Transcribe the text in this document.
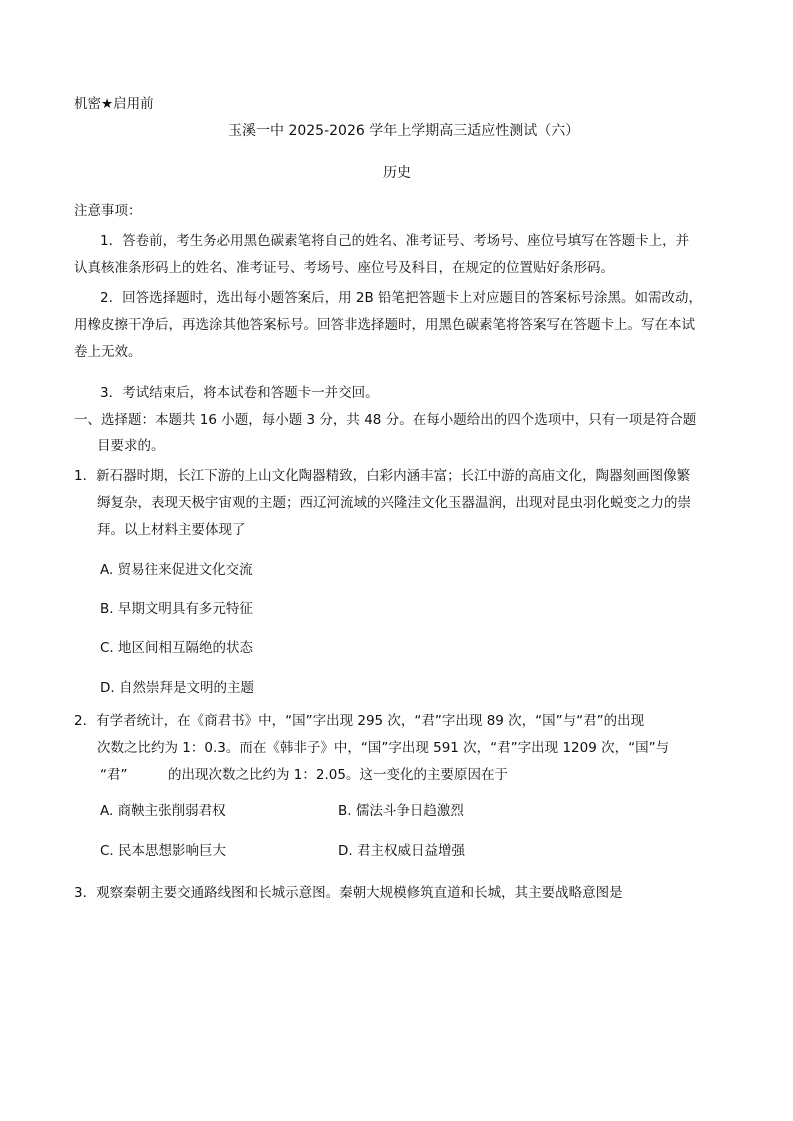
机密★启用前
玉溪一中 2025-2026 学年上学期高三适应性测试（六）
历史
注意事项：
1．答卷前，考生务必用黑色碳素笔将自己的姓名、准考证号、考场号、座位号填写在答题卡上，并
认真核准条形码上的姓名、准考证号、考场号、座位号及科目，在规定的位置贴好条形码。
2．回答选择题时，选出每小题答案后，用 2B 铅笔把答题卡上对应题目的答案标号涂黑。如需改动，
用橡皮擦干净后，再选涂其他答案标号。回答非选择题时，用黑色碳素笔将答案写在答题卡上。写在本试
卷上无效。
3．考试结束后，将本试卷和答题卡一并交回。
一、选择题：本题共 16 小题，每小题 3 分，共 48 分。在每小题给出的四个选项中，只有一项是符合题
目要求的。
1．新石器时期，长江下游的上山文化陶器精致，白彩内涵丰富；长江中游的高庙文化，陶器刻画图像繁
缛复杂，表现天极宇宙观的主题；西辽河流域的兴隆洼文化玉器温润，出现对昆虫羽化蜕变之力的崇
拜。以上材料主要体现了
A. 贸易往来促进文化交流
B. 早期文明具有多元特征
C. 地区间相互隔绝的状态
D. 自然崇拜是文明的主题
2．有学者统计，在《商君书》中，“国”字出现 295 次，“君”字出现 89 次，“国”与“君”的出现
次数之比约为 1：0.3。而在《韩非子》中，“国”字出现 591 次，“君”字出现 1209 次，“国”与
“君”	的出现次数之比约为 1：2.05。这一变化的主要原因在于
A. 商鞅主张削弱君权	B. 儒法斗争日趋激烈
C. 民本思想影响巨大	D. 君主权威日益增强
3．观察秦朝主要交通路线图和长城示意图。秦朝大规模修筑直道和长城，其主要战略意图是
